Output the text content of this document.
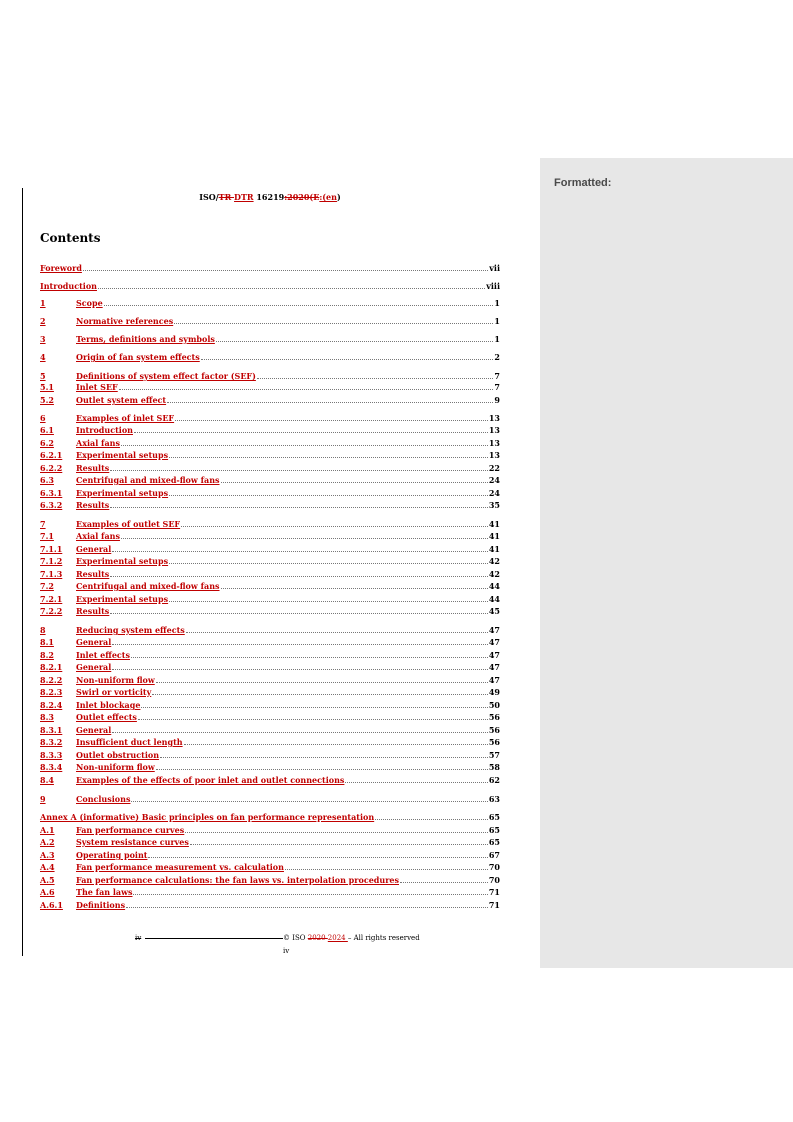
Formatted:
ISO/TR DTR 16219:2020(E:(en)
Contents
Foreword	vii
Introduction	viii
1	Scope	1
2	Normative references	1
3	Terms, definitions and symbols	1
4	Origin of fan system effects	2
5	Definitions of system effect factor (SEF)	7
5.1	Inlet SEF	7
5.2	Outlet system effect	9
6	Examples of inlet SEF	13
6.1	Introduction	13
6.2	Axial fans	13
6.2.1	Experimental setups	13
6.2.2	Results	22
6.3	Centrifugal and mixed-flow fans	24
6.3.1	Experimental setups	24
6.3.2	Results	35
7	Examples of outlet SEF	41
7.1	Axial fans	41
7.1.1	General	41
7.1.2	Experimental setups	42
7.1.3	Results	42
7.2	Centrifugal and mixed-flow fans	44
7.2.1	Experimental setups	44
7.2.2	Results	45
8	Reducing system effects	47
8.1	General	47
8.2	Inlet effects	47
8.2.1	General	47
8.2.2	Non-uniform flow	47
8.2.3	Swirl or vorticity	49
8.2.4	Inlet blockage	50
8.3	Outlet effects	56
8.3.1	General	56
8.3.2	Insufficient duct length	56
8.3.3	Outlet obstruction	57
8.3.4	Non-uniform flow	58
8.4	Examples of the effects of poor inlet and outlet connections	62
9	Conclusions	63
Annex A (informative) Basic principles on fan performance representation	65
A.1	Fan performance curves	65
A.2	System resistance curves	65
A.3	Operating point	67
A.4	Fan performance measurement vs. calculation	70
A.5	Fan performance calculations: the fan laws vs. interpolation procedures	70
A.6	The fan laws	71
A.6.1	Definitions	71
iv	© ISO 2020 2024 – All rights reserved
iv
